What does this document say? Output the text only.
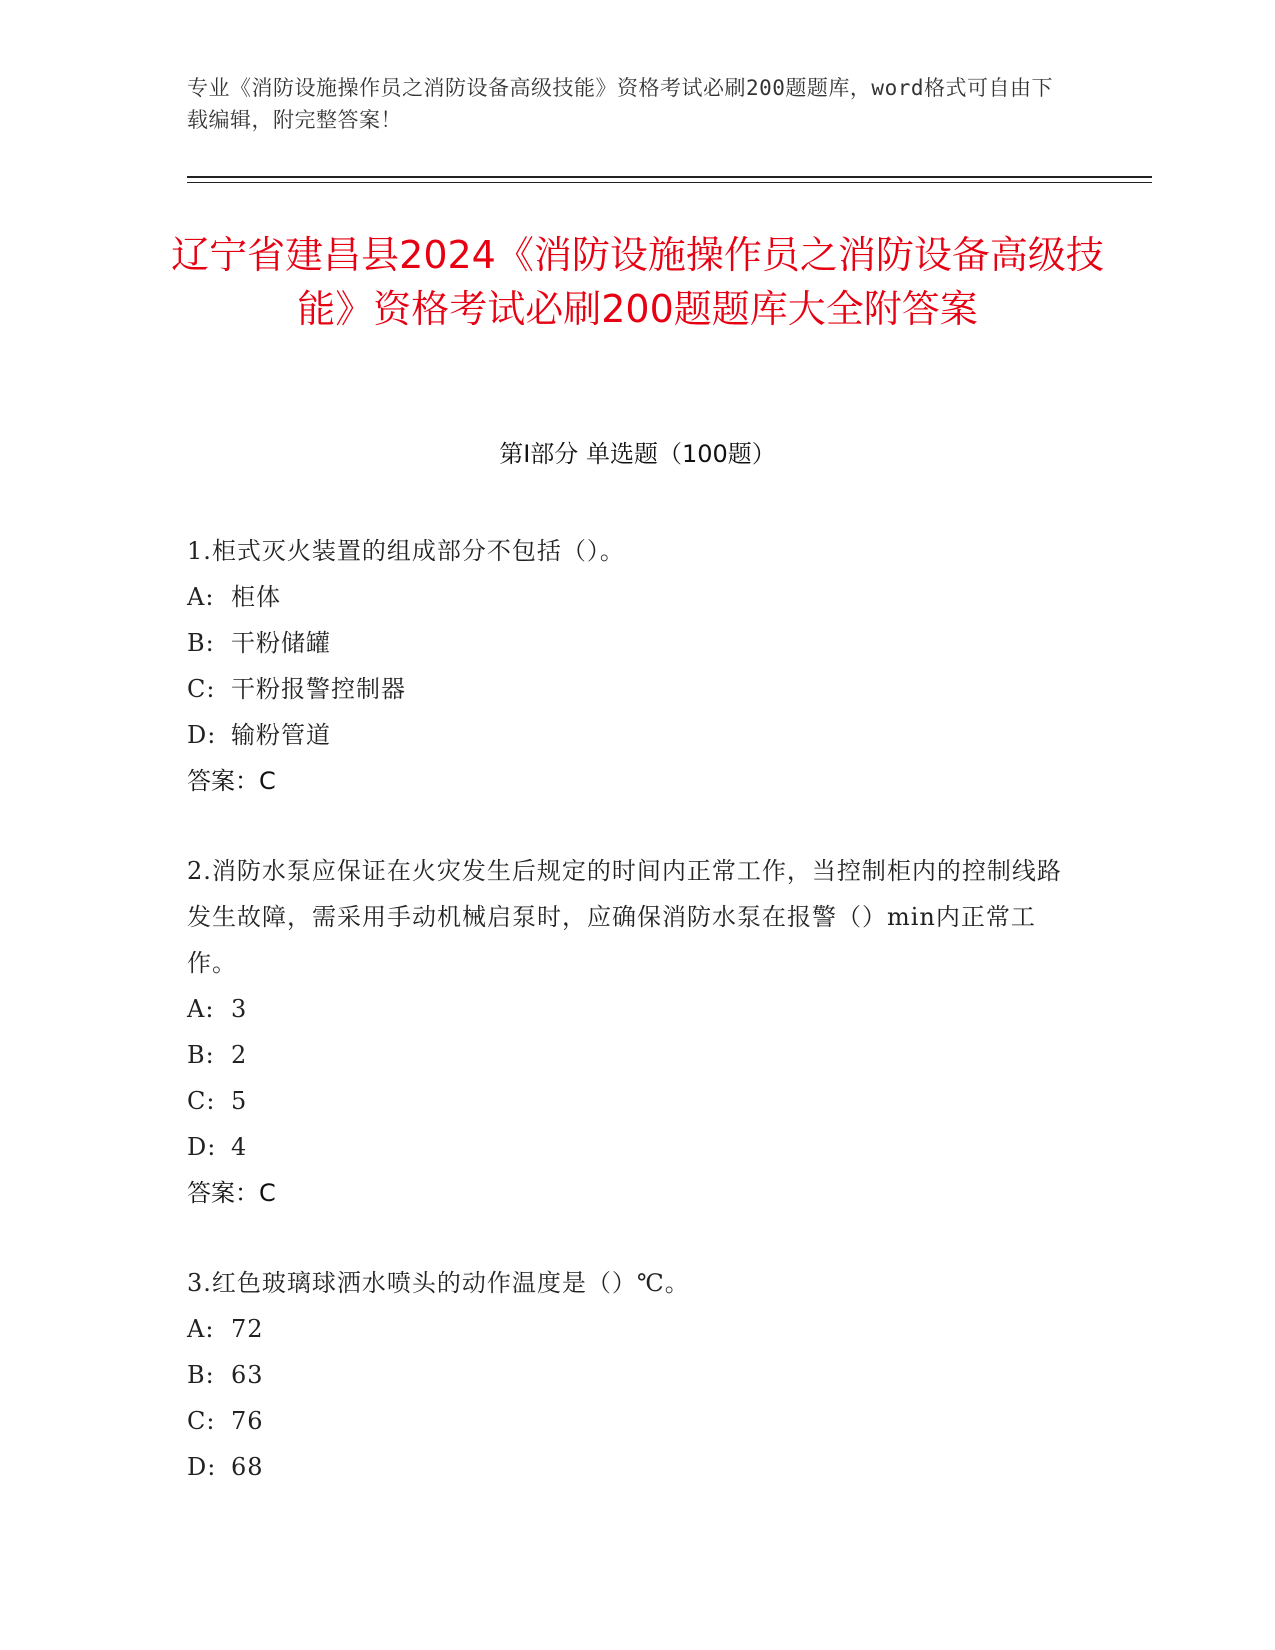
专业《消防设施操作员之消防设备高级技能》资格考试必刷200题题库，word格式可自由下载编辑，附完整答案！
辽宁省建昌县2024《消防设施操作员之消防设备高级技能》资格考试必刷200题题库大全附答案
第Ⅰ部分 单选题（100题）
1.柜式灭火装置的组成部分不包括（）。
A: 柜体
B: 干粉储罐
C: 干粉报警控制器
D: 输粉管道
答案：C
2.消防水泵应保证在火灾发生后规定的时间内正常工作，当控制柜内的控制线路发生故障，需采用手动机械启泵时，应确保消防水泵在报警（）min内正常工作。
A: 3
B: 2
C: 5
D: 4
答案：C
3.红色玻璃球洒水喷头的动作温度是（）℃。
A: 72
B: 63
C: 76
D: 68
